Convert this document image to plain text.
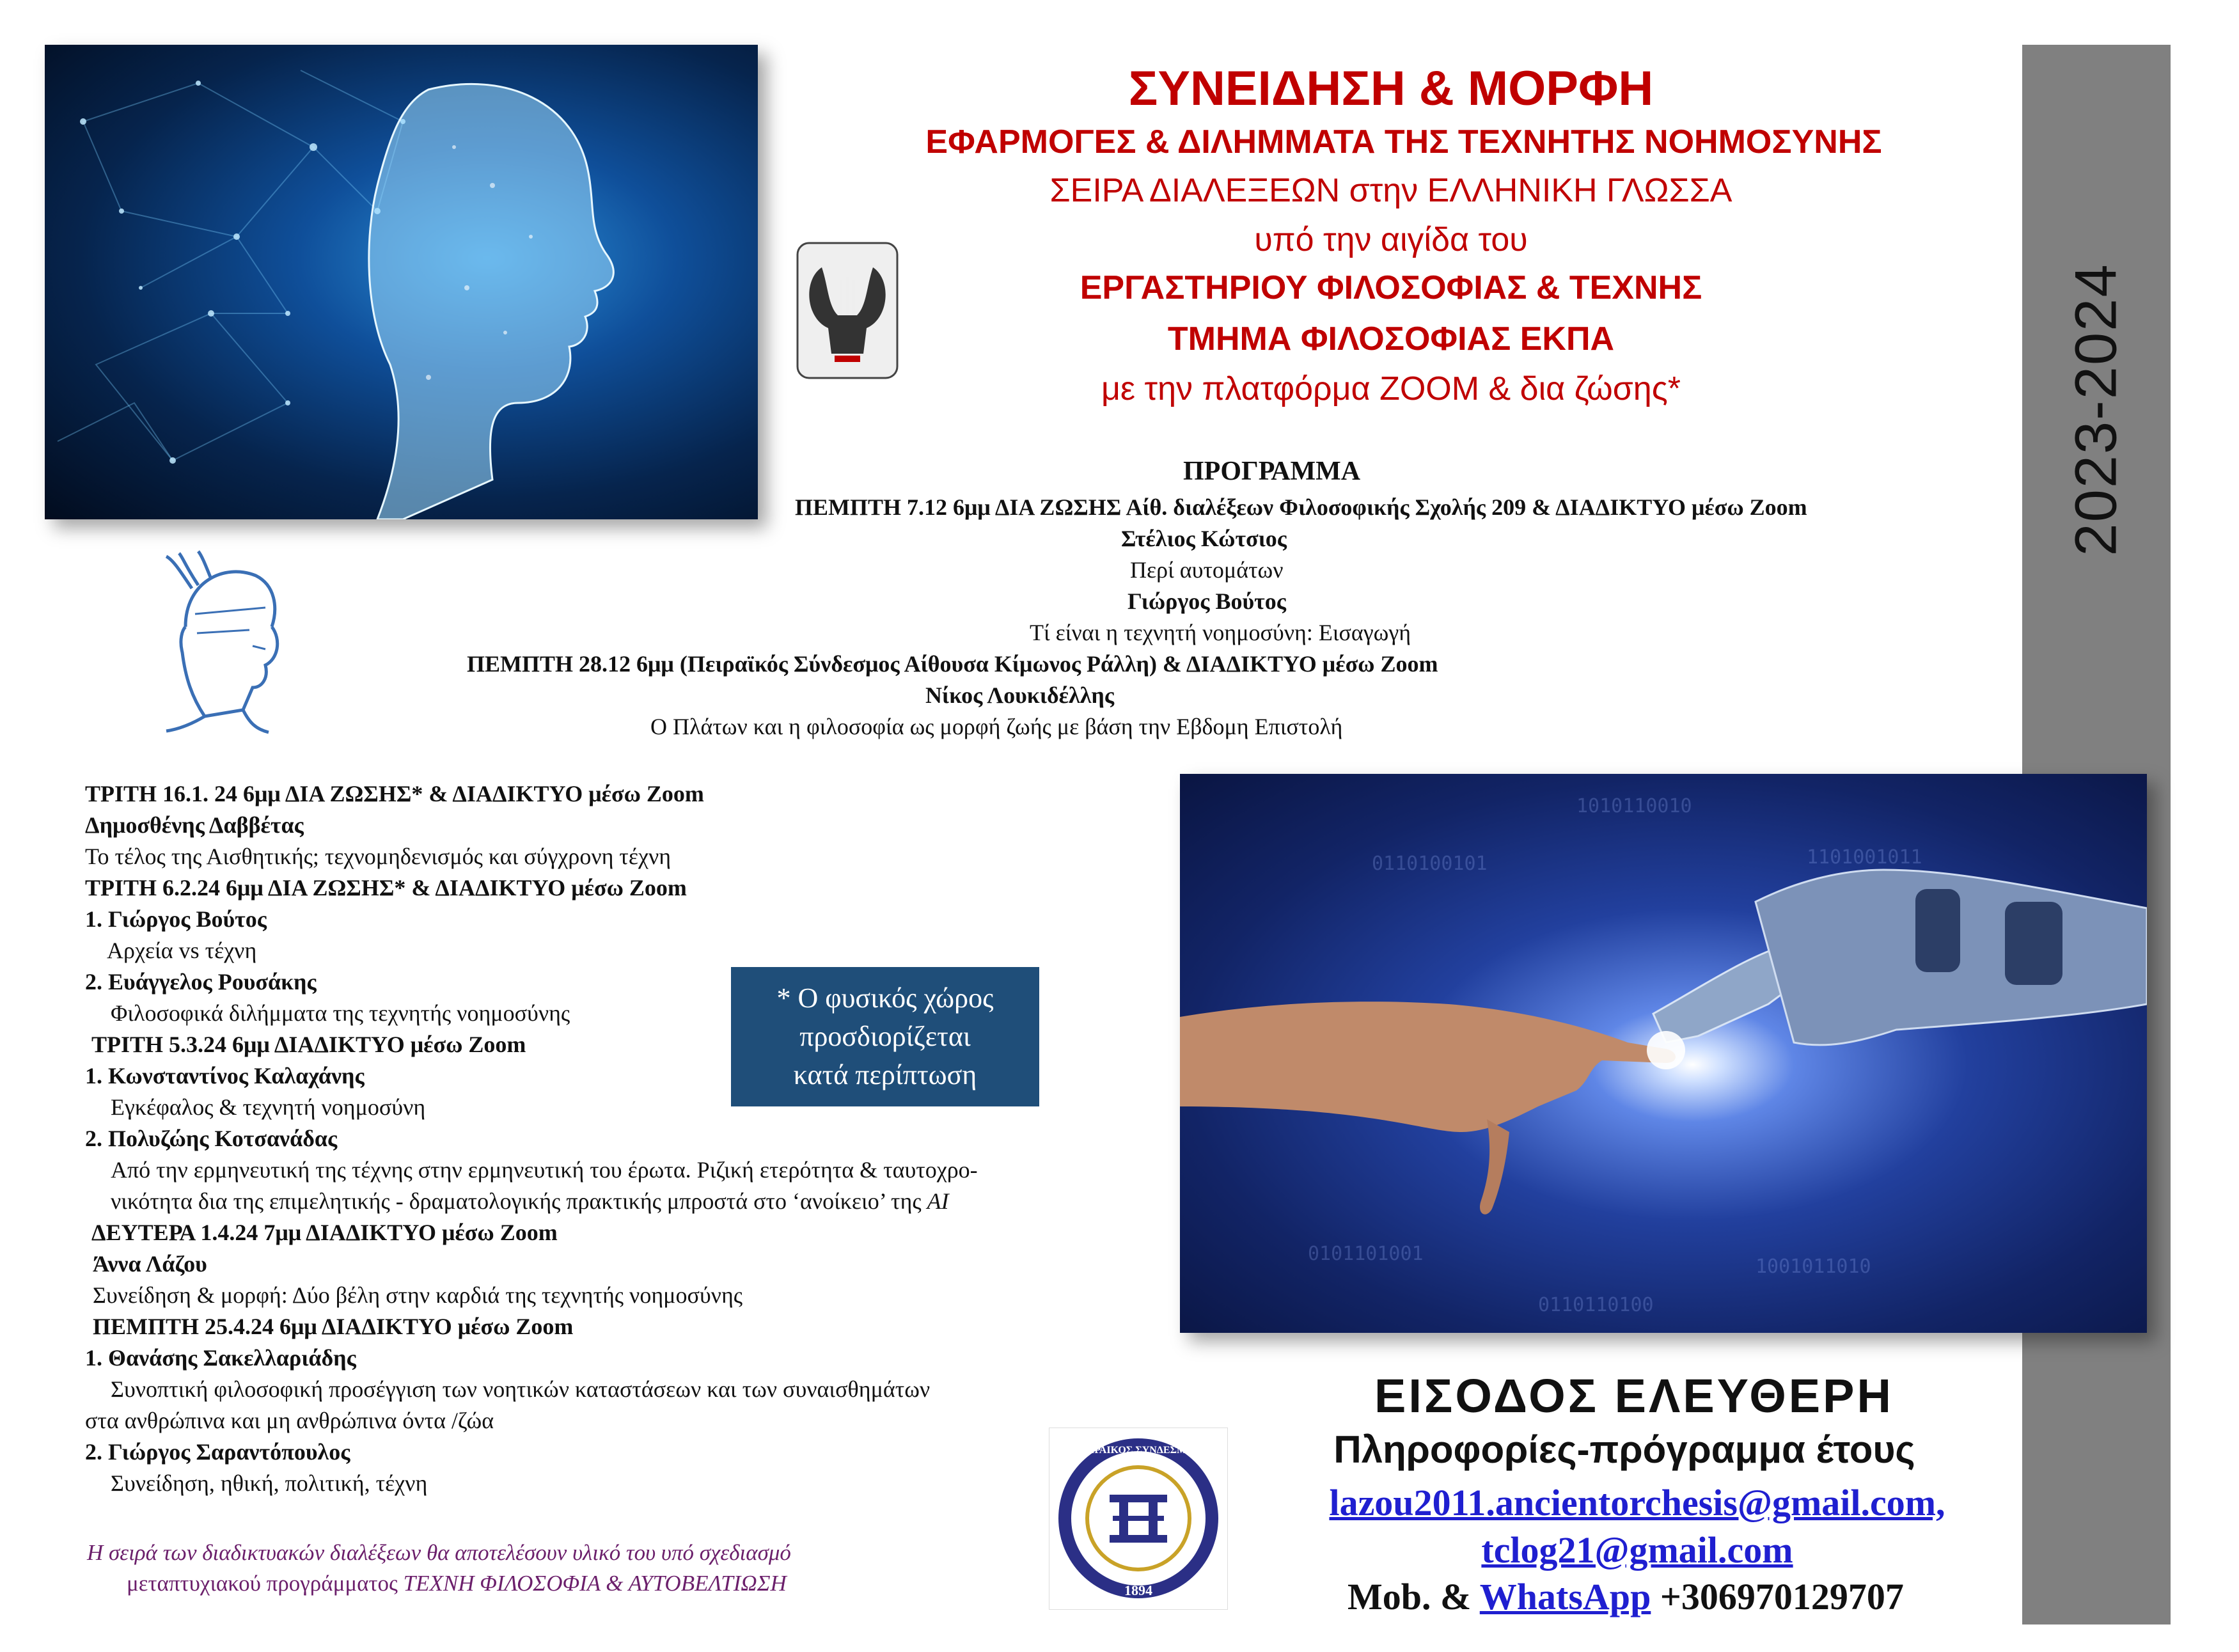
2023-2024
ΣΥΝΕΙΔΗΣΗ & ΜΟΡΦΗ
ΕΦΑΡΜΟΓΕΣ & ΔΙΛΗΜΜΑΤΑ ΤΗΣ ΤΕΧΝΗΤΗΣ ΝΟΗΜΟΣΥΝΗΣ
ΣΕΙΡΑ ΔΙΑΛΕΞΕΩΝ στην ΕΛΛΗΝΙΚΗ ΓΛΩΣΣΑ
υπό την αιγίδα του
ΕΡΓΑΣΤΗΡΙΟΥ ΦΙΛΟΣΟΦΙΑΣ & ΤΕΧΝΗΣ
ΤΜΗΜΑ ΦΙΛΟΣΟΦΙΑΣ ΕΚΠΑ
με την πλατφόρμα ZOOM & δια ζώσης*
ΠΡΟΓΡΑΜΜΑ
ΠΕΜΠΤΗ 7.12 6μμ ΔΙΑ ΖΩΣΗΣ Αίθ. διαλέξεων Φιλοσοφικής Σχολής 209 & ΔΙΑΔΙΚΤΥΟ μέσω Zoom
Στέλιος Κώτσιος
Περί αυτομάτων
Γιώργος Βούτος
Τί είναι η τεχνητή νοημοσύνη: Εισαγωγή
ΠΕΜΠΤΗ 28.12 6μμ (Πειραϊκός Σύνδεσμος Αίθουσα Κίμωνος Ράλλη) & ΔΙΑΔΙΚΤΥΟ μέσω Zoom
Νίκος Λουκιδέλλης
Ο Πλάτων και η φιλοσοφία ως μορφή ζωής με βάση την Εβδομη Επιστολή
ΤΡΙΤΗ 16.1. 24 6μμ ΔΙΑ ΖΩΣΗΣ* & ΔΙΑΔΙΚΤΥΟ μέσω Zoom
Δημοσθένης Δαββέτας
Το τέλος της Αισθητικής; τεχνομηδενισμός και σύγχρονη τέχνη
ΤΡΙΤΗ 6.2.24 6μμ ΔΙΑ ΖΩΣΗΣ* & ΔΙΑΔΙΚΤΥΟ μέσω Zoom
1. Γιώργος Βούτος
Αρχεία vs τέχνη
2. Ευάγγελος Ρουσάκης
Φιλοσοφικά διλήμματα της τεχνητής νοημοσύνης
ΤΡΙΤΗ 5.3.24 6μμ ΔΙΑΔΙΚΤΥΟ μέσω Zoom
1. Κωνσταντίνος Καλαχάνης
Εγκέφαλος & τεχνητή νοημοσύνη
2. Πολυζώης Κοτσανάδας
Από την ερμηνευτική της τέχνης στην ερμηνευτική του έρωτα. Ριζική ετερότητα & ταυτοχρο-
νικότητα δια της επιμελητικής - δραματολογικής πρακτικής μπροστά στο ‘ανοίκειο’ της AI
ΔΕΥΤΕΡΑ 1.4.24 7μμ ΔΙΑΔΙΚΤΥΟ μέσω Zoom
Άννα Λάζου
Συνείδηση & μορφή: Δύο βέλη στην καρδιά της τεχνητής νοημοσύνης
ΠΕΜΠΤΗ 25.4.24 6μμ ΔΙΑΔΙΚΤΥΟ μέσω Zoom
1. Θανάσης Σακελλαριάδης
Συνοπτική φιλοσοφική προσέγγιση των νοητικών καταστάσεων και των συναισθημάτων
στα ανθρώπινα και μη ανθρώπινα όντα /ζώα
2. Γιώργος Σαραντόπουλος
Συνείδηση, ηθική, πολιτική, τέχνη
* Ο φυσικός χώρος
προσδιορίζεται
κατά περίπτωση
1010110010
0110100101	1101001011
0101101001
1001011010
0110110100
ΕΙΣΟΔΟΣ ΕΛΕΥΘΕΡΗ
Πληροφορίες-πρόγραμμα έτους
1894
ΠΕΙΡΑΙΚΟΣ ΣΥΝΔΕΣΜΟΣ
lazou2011.ancientorchesis@gmail.com,
tclog21@gmail.com
Mob. & WhatsApp +306970129707
Η σειρά των διαδικτυακών διαλέξεων θα αποτελέσουν υλικό του υπό σχεδιασμό
μεταπτυχιακού προγράμματος ΤΕΧΝΗ ΦΙΛΟΣΟΦΙΑ & ΑΥΤΟΒΕΛΤΙΩΣΗ
